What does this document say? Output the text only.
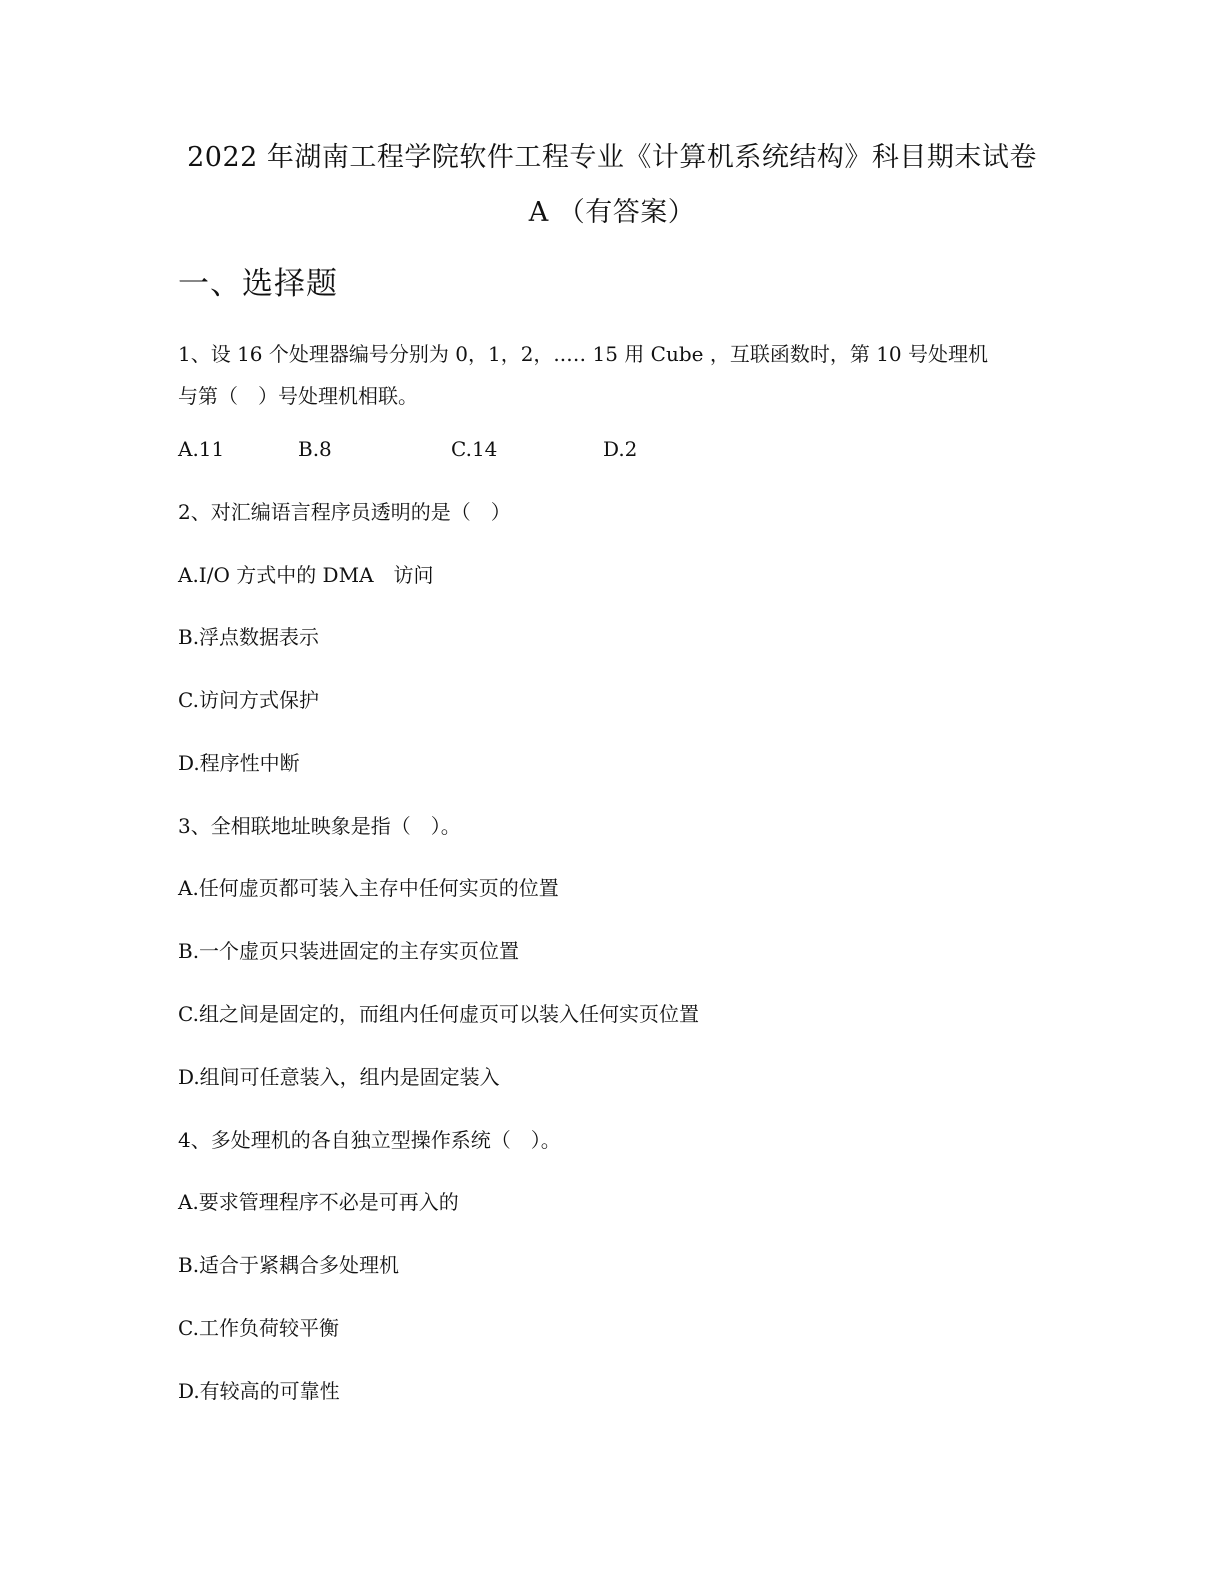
2022 年湖南工程学院软件工程专业《计算机系统结构》科目期末试卷
A （有答案）
一、选择题
1、设 16 个处理器编号分别为 0，1，2，..… 15 用 Cube ，互联函数时，第 10 号处理机
与第（　）号处理机相联。
A.11	B.8	C.14	D.2
2、对汇编语言程序员透明的是（　）
A.I/O 方式中的 DMA　访问
B.浮点数据表示
C.访问方式保护
D.程序性中断
3、全相联地址映象是指（　）。
A.任何虚页都可装入主存中任何实页的位置
B.一个虚页只装进固定的主存实页位置
C.组之间是固定的，而组内任何虚页可以装入任何实页位置
D.组间可任意装入，组内是固定装入
4、多处理机的各自独立型操作系统（　）。
A.要求管理程序不必是可再入的
B.适合于紧耦合多处理机
C.工作负荷较平衡
D.有较高的可靠性
